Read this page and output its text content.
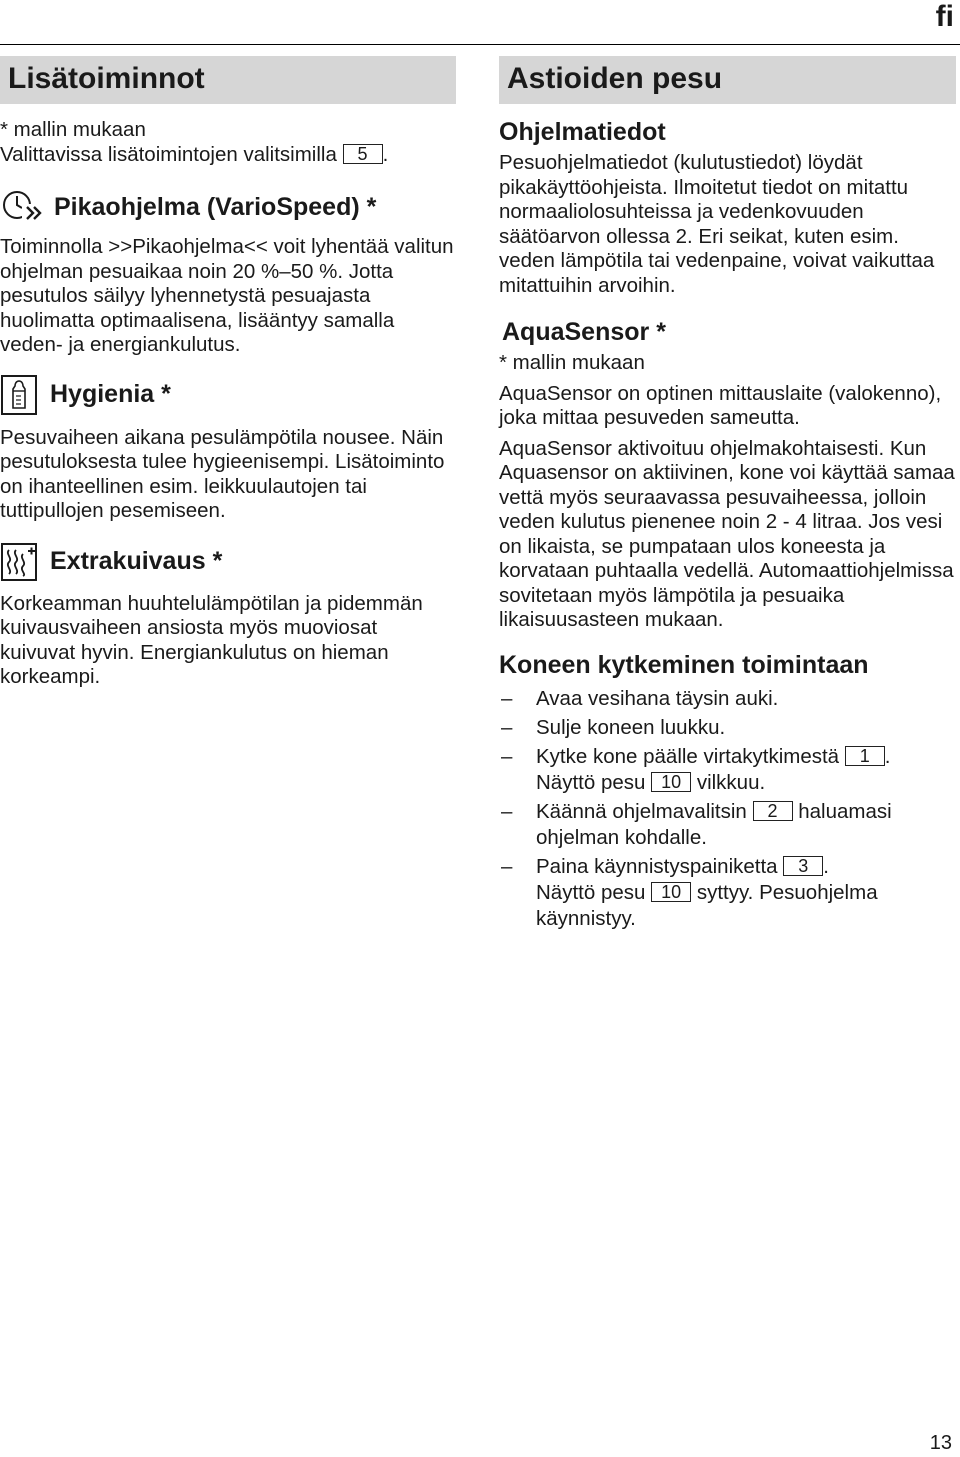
fi
Lisätoiminnot

* mallin mukaan

Valittavissa lisätoimintojen valitsimilla 5 .

Pikaohjelma (VarioSpeed) *

Toiminnolla >>Pikaohjelma<< voit lyhentää valitun ohjelman pesuaikaa noin 20 %–50 %. Jotta pesutulos säilyy lyhennetystä pesuajasta huolimatta optimaalisena, lisääntyy samalla veden- ja energiankulutus.

Hygienia *

Pesuvaiheen aikana pesulämpötila nousee. Näin pesutuloksesta tulee hygieenisempi. Lisätoiminto on ihanteellinen esim. leikkuulautojen tai tuttipullojen pesemiseen.

Extrakuivaus *

Korkeamman huuhtelulämpötilan ja pidemmän kuivausvaiheen ansiosta myös muoviosat kuivuvat hyvin. Energiankulutus on hieman korkeampi.

Astioiden pesu
Ohjelmatiedot

Pesuohjelmatiedot (kulutustiedot) löydät pikakäyttöohjeista. Ilmoitetut tiedot on mitattu normaaliolosuhteissa ja vedenkovuuden säätöarvon ollessa 2. Eri seikat, kuten esim. veden lämpötila tai vedenpaine, voivat vaikuttaa mitattuihin arvoihin.

AquaSensor *

* mallin mukaan

AquaSensor on optinen mittauslaite (valokenno), joka mittaa pesuveden sameutta.

AquaSensor aktivoituu ohjelmakohtaisesti. Kun Aquasensor on aktiivinen, kone voi käyttää samaa vettä myös seuraavassa pesuvaiheessa, jolloin veden kulutus pienenee noin 2 - 4 litraa. Jos vesi on likaista, se pumpataan ulos koneesta ja korvataan puhtaalla vedellä. Automaattiohjelmissa sovitetaan myös lämpötila ja pesuaika likaisuusasteen mukaan.

Koneen kytkeminen toimintaan
– Avaa vesihana täysin auki.
– Sulje koneen luukku.
– Kytke kone päälle virtakytkimestä 1 .
Näyttö pesu 10 vilkkuu.
– Käännä ohjelmavalitsin 2 haluamasi ohjelman kohdalle.
– Paina käynnistyspainiketta 3 .
Näyttö pesu 10 syttyy. Pesuohjelma käynnistyy.
13
